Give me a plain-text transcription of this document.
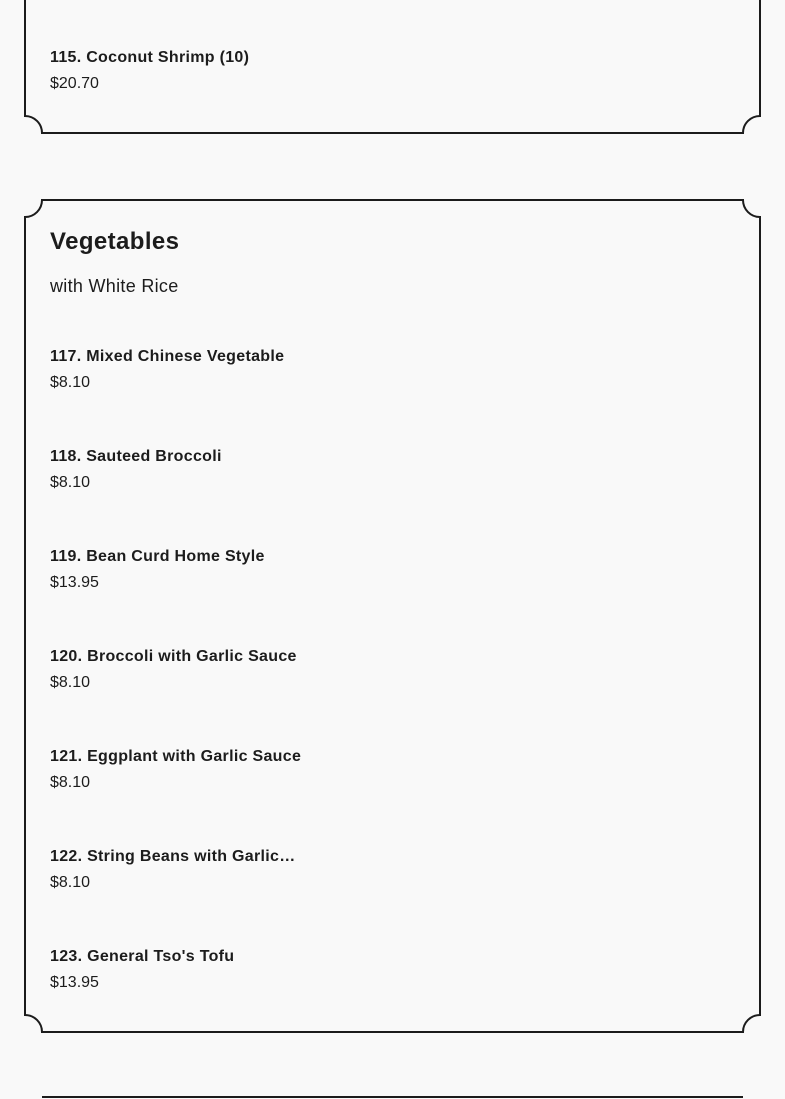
115. Coconut Shrimp (10)
$20.70
Vegetables
with White Rice
117. Mixed Chinese Vegetable
$8.10
118. Sauteed Broccoli
$8.10
119. Bean Curd Home Style
$13.95
120. Broccoli with Garlic Sauce
$8.10
121. Eggplant with Garlic Sauce
$8.10
122. String Beans with Garlic…
$8.10
123. General Tso's Tofu
$13.95
